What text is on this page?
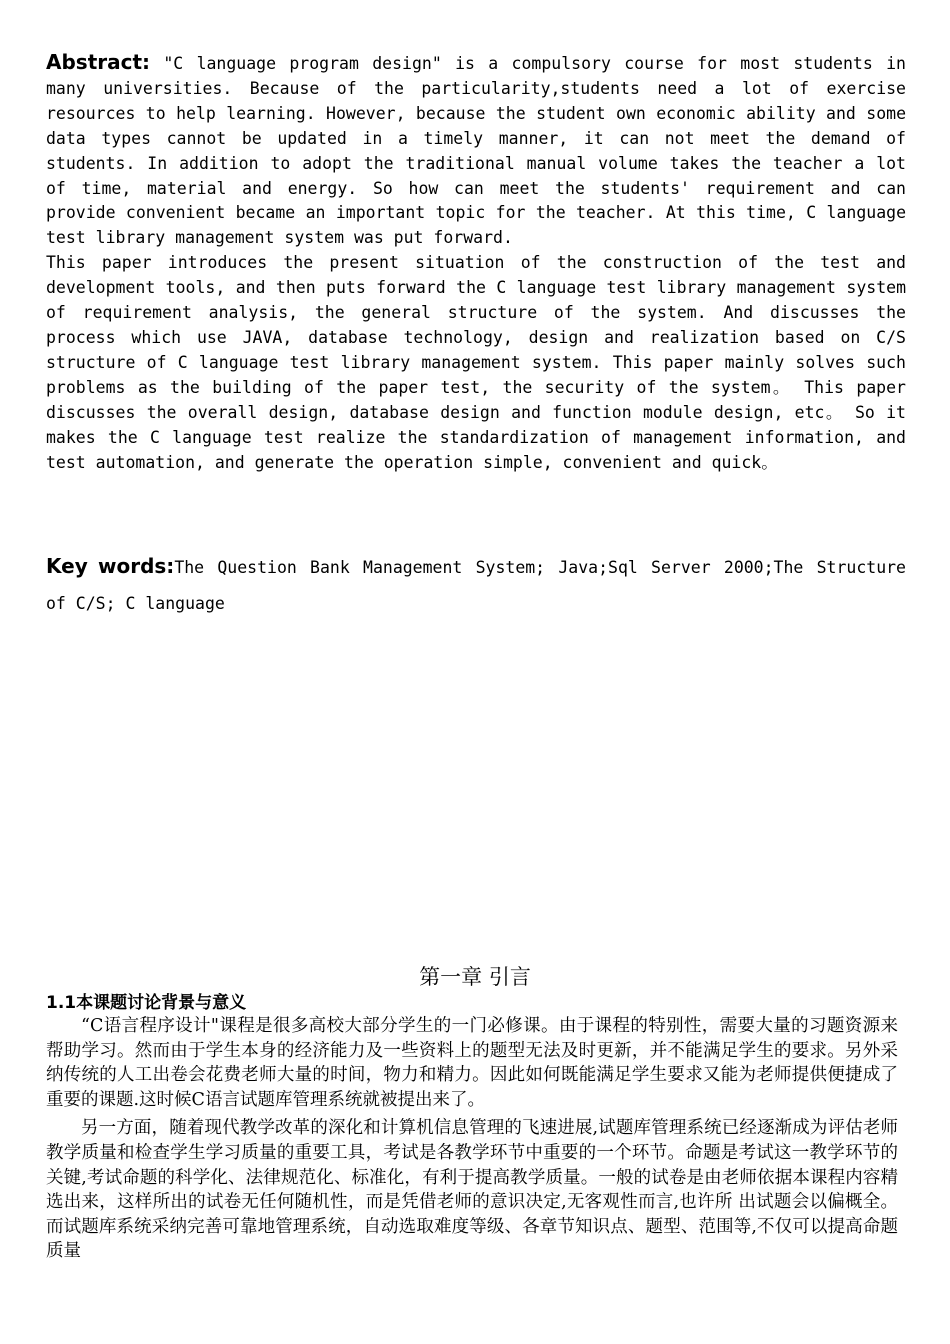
Abstract: "C language program design" is a compulsory course for most students in many universities. Because of the particularity,students need a lot of exercise resources to help learning. However, because the student own economic ability and some data types cannot be updated in a timely manner, it can not meet the demand of students. In addition to adopt the traditional manual volume takes the teacher a lot of time, material and energy. So how can meet the students' requirement and can provide convenient became an important topic for the teacher. At this time, C language test library management system was put forward.

This paper introduces the present situation of the construction of the test and development tools, and then puts forward the C language test library management system of requirement analysis, the general structure of the system. And discusses the process which use JAVA, database technology, design and realization based on C/S structure of C language test library management system. This paper mainly solves such problems as the building of the paper test, the security of the system。 This paper discusses the overall design, database design and function module design, etc。 So it makes the C language test realize the standardization of management information, and test automation, and generate the operation simple, convenient and quick。

Key words:The Question Bank Management System; Java;Sql Server 2000;The Structure of C/S; C language
第一章 引言
1.1本课题讨论背景与意义

“C语言程序设计"课程是很多高校大部分学生的一门必修课。由于课程的特别性，需要大量的习题资源来帮助学习。然而由于学生本身的经济能力及一些资料上的题型无法及时更新，并不能满足学生的要求。另外采纳传统的人工出卷会花费老师大量的时间，物力和精力。因此如何既能满足学生要求又能为老师提供便捷成了重要的课题.这时候C语言试题库管理系统就被提出来了。

另一方面，随着现代教学改革的深化和计算机信息管理的飞速进展,试题库管理系统已经逐渐成为评估老师教学质量和检查学生学习质量的重要工具，考试是各教学环节中重要的一个环节。命题是考试这一教学环节的关键,考试命题的科学化、法律规范化、标准化，有利于提高教学质量。一般的试卷是由老师依据本课程内容精选出来，这样所出的试卷无任何随机性，而是凭借老师的意识决定,无客观性而言,也许所 出试题会以偏概全。而试题库系统采纳完善可靠地管理系统，自动选取难度等级、各章节知识点、题型、范围等,不仅可以提高命题质量
